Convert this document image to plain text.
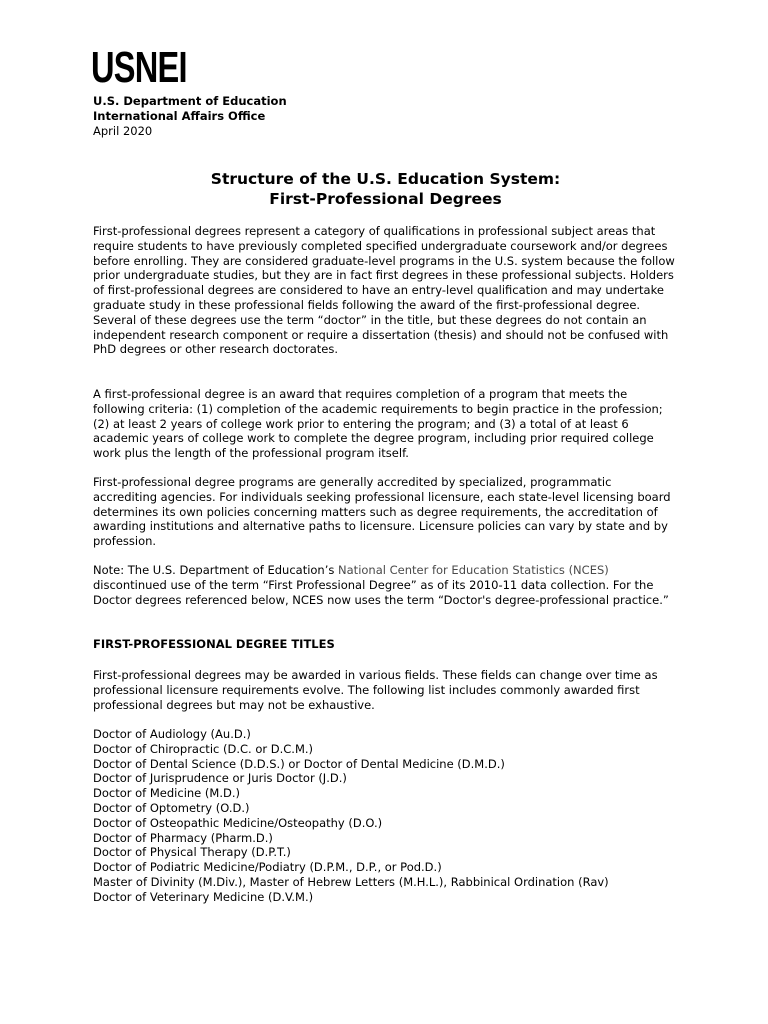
USNEI
U.S. Department of Education
International Affairs Office
April 2020
Structure of the U.S. Education System:
First-Professional Degrees

First-professional degrees represent a category of qualifications in professional subject areas that require students to have previously completed specified undergraduate coursework and/or degrees before enrolling. They are considered graduate-level programs in the U.S. system because the follow prior undergraduate studies, but they are in fact first degrees in these professional subjects. Holders of first-professional degrees are considered to have an entry-level qualification and may undertake graduate study in these professional fields following the award of the first-professional degree. Several of these degrees use the term “doctor” in the title, but these degrees do not contain an independent research component or require a dissertation (thesis) and should not be confused with PhD degrees or other research doctorates.

A first-professional degree is an award that requires completion of a program that meets the following criteria: (1) completion of the academic requirements to begin practice in the profession; (2) at least 2 years of college work prior to entering the program; and (3) a total of at least 6 academic years of college work to complete the degree program, including prior required college work plus the length of the professional program itself.

First-professional degree programs are generally accredited by specialized, programmatic accrediting agencies. For individuals seeking professional licensure, each state-level licensing board determines its own policies concerning matters such as degree requirements, the accreditation of awarding institutions and alternative paths to licensure. Licensure policies can vary by state and by profession.

Note: The U.S. Department of Education’s National Center for Education Statistics (NCES) discontinued use of the term “First Professional Degree” as of its 2010-11 data collection. For the Doctor degrees referenced below, NCES now uses the term “Doctor's degree-professional practice.”

FIRST-PROFESSIONAL DEGREE TITLES

First-professional degrees may be awarded in various fields. These fields can change over time as professional licensure requirements evolve. The following list includes commonly awarded first professional degrees but may not be exhaustive.

Doctor of Audiology (Au.D.)
Doctor of Chiropractic (D.C. or D.C.M.)
Doctor of Dental Science (D.D.S.) or Doctor of Dental Medicine (D.M.D.)
Doctor of Jurisprudence or Juris Doctor (J.D.)
Doctor of Medicine (M.D.)
Doctor of Optometry (O.D.)
Doctor of Osteopathic Medicine/Osteopathy (D.O.)
Doctor of Pharmacy (Pharm.D.)
Doctor of Physical Therapy (D.P.T.)
Doctor of Podiatric Medicine/Podiatry (D.P.M., D.P., or Pod.D.)
Master of Divinity (M.Div.), Master of Hebrew Letters (M.H.L.), Rabbinical Ordination (Rav)
Doctor of Veterinary Medicine (D.V.M.)
